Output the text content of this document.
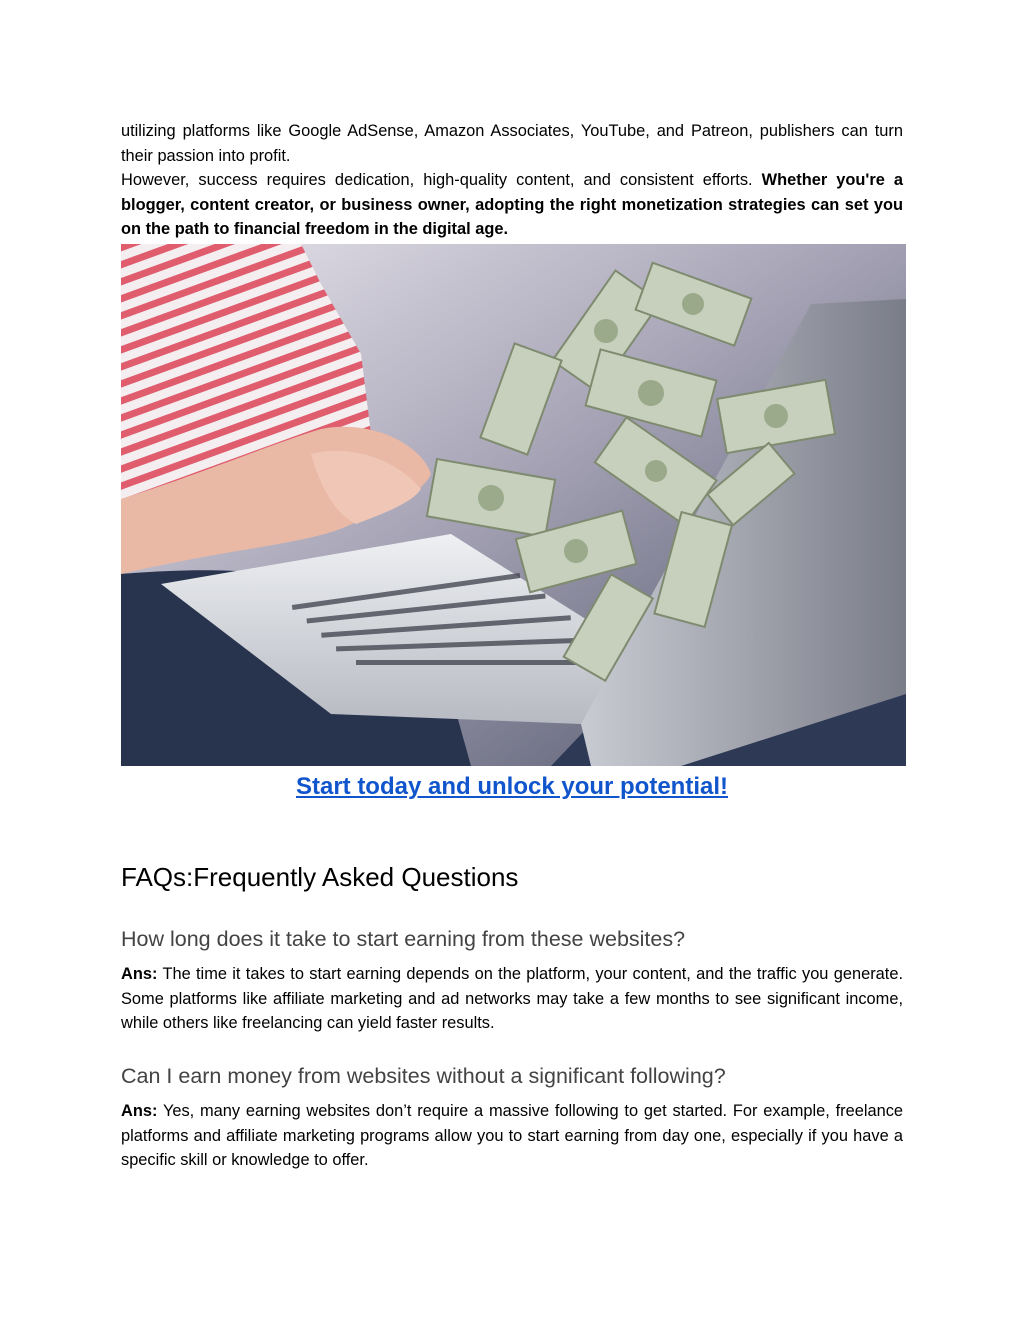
utilizing platforms like Google AdSense, Amazon Associates, YouTube, and Patreon, publishers can turn their passion into profit.

However, success requires dedication, high-quality content, and consistent efforts. Whether you're a blogger, content creator, or business owner, adopting the right monetization strategies can set you on the path to financial freedom in the digital age.

Start today and unlock your potential!
FAQs:Frequently Asked Questions
How long does it take to start earning from these websites?

Ans: The time it takes to start earning depends on the platform, your content, and the traffic you generate. Some platforms like affiliate marketing and ad networks may take a few months to see significant income, while others like freelancing can yield faster results.

Can I earn money from websites without a significant following?

Ans: Yes, many earning websites don’t require a massive following to get started. For example, freelance platforms and affiliate marketing programs allow you to start earning from day one, especially if you have a specific skill or knowledge to offer.
